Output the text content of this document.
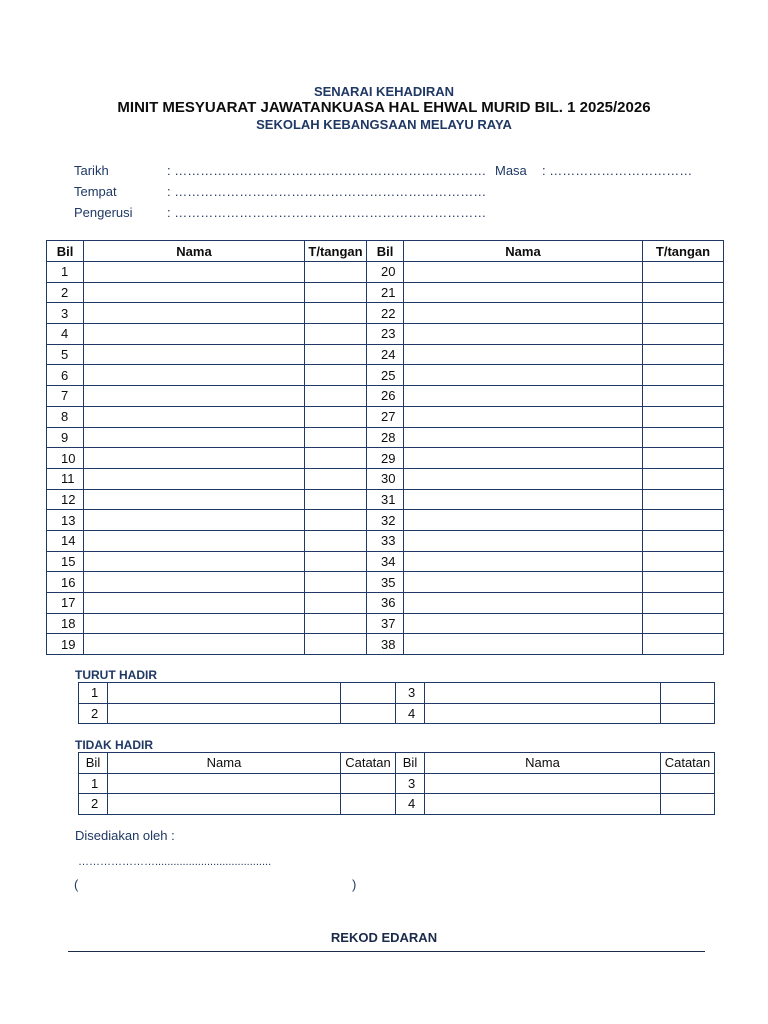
SENARAI KEHADIRAN
MINIT MESYUARAT JAWATANKUASA HAL EHWAL MURID BIL. 1 2025/2026
SEKOLAH KEBANGSAAN MELAYU RAYA
Tarikh	: ……………………………………………………………… Masa : ……………………………
Tempat	: ………………………………………………………………
Pengerusi	: ………………………………………………………………
Bil	Nama	T/tangan	Bil	Nama	T/tangan
1			20		
2			21		
3			22		
4			23		
5			24		
6			25		
7			26		
8			27		
9			28		
10			29		
11			30		
12			31		
13			32		
14			33		
15			34		
16			35		
17			36		
18			37		
19			38		
TURUT HADIR
1			3		
2			4		
TIDAK HADIR
Bil	Nama	Catatan	Bil	Nama	Catatan
1			3		
2			4		
Disediakan oleh :
…………………......................................
(	)
REKOD EDARAN
